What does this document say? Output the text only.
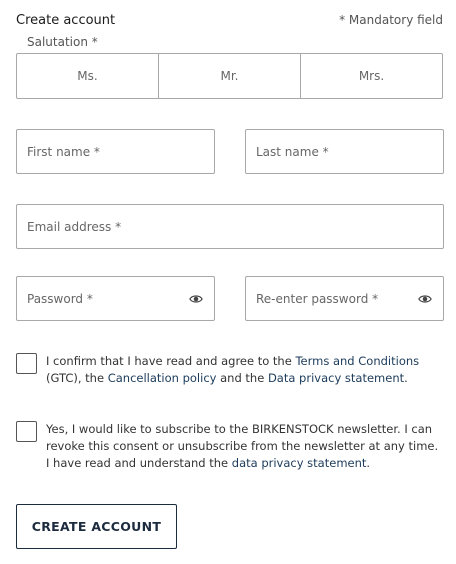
Create account	* Mandatory field
Salutation *
Ms.	Mr.	Mrs.
First name *
Last name *
Email address *
I confirm that I have read and agree to the Terms and Conditions (GTC), the Cancellation policy and the Data privacy statement.
Yes, I would like to subscribe to the BIRKENSTOCK newsletter. I can revoke this consent or unsubscribe from the newsletter at any time. I have read and understand the data privacy statement.
CREATE ACCOUNT
